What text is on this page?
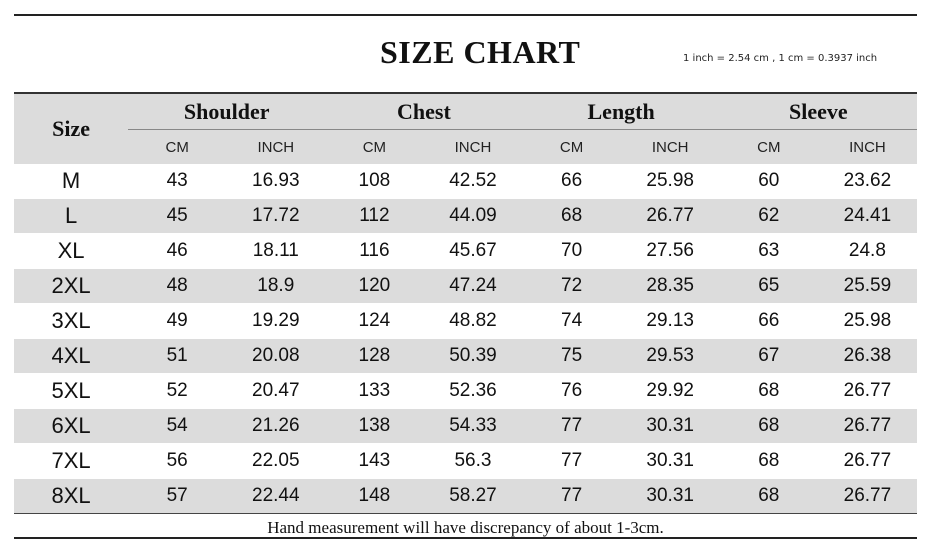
SIZE CHART	1 inch = 2.54 cm , 1 cm = 0.3937 inch
Size	Shoulder		Chest		Length		Sleeve	
	CM	INCH	CM	INCH	CM	INCH	CM	INCH
M	43	16.93	108	42.52	66	25.98	60	23.62
L	45	17.72	112	44.09	68	26.77	62	24.41
XL	46	18.11	116	45.67	70	27.56	63	24.8
2XL	48	18.9	120	47.24	72	28.35	65	25.59
3XL	49	19.29	124	48.82	74	29.13	66	25.98
4XL	51	20.08	128	50.39	75	29.53	67	26.38
5XL	52	20.47	133	52.36	76	29.92	68	26.77
6XL	54	21.26	138	54.33	77	30.31	68	26.77
7XL	56	22.05	143	56.3	77	30.31	68	26.77
8XL	57	22.44	148	58.27	77	30.31	68	26.77
Hand measurement will have discrepancy of about 1-3cm.								
